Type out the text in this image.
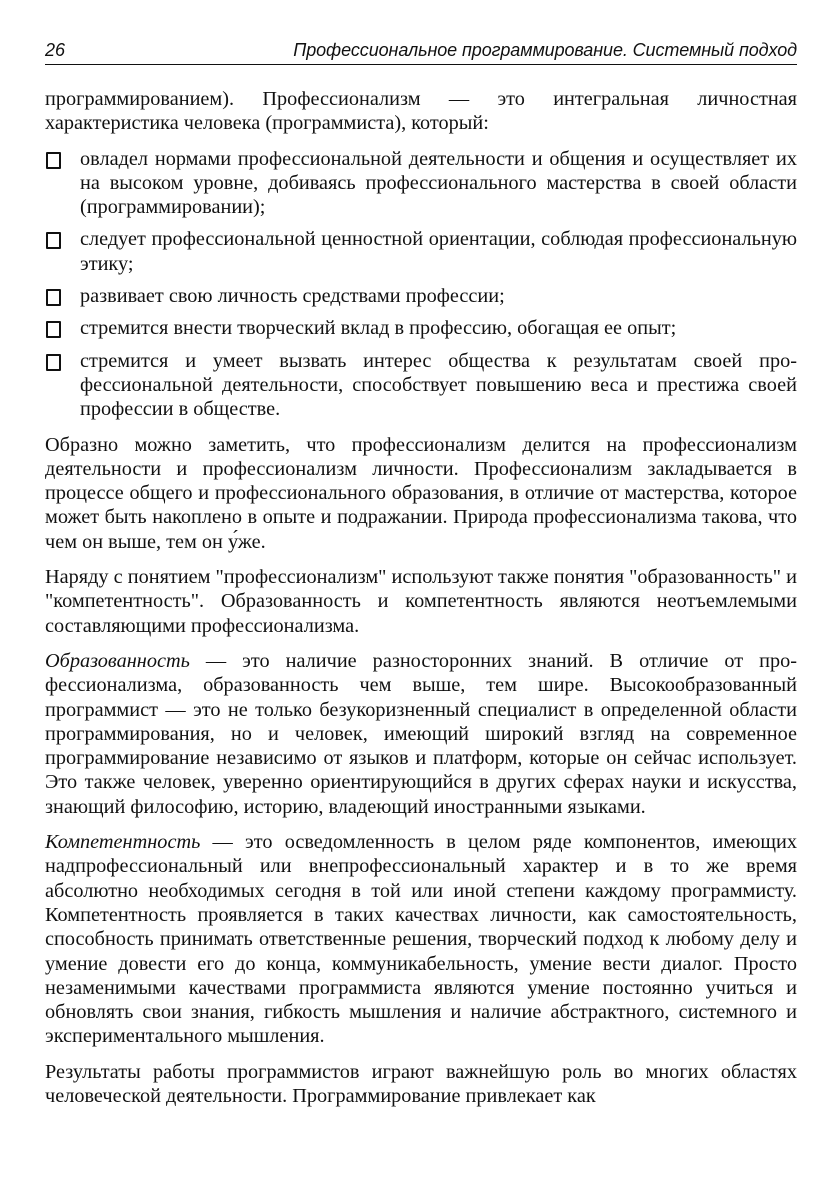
26	Профессиональное программирование. Системный подход

программированием). Профессионализм — это интегральная личностная характеристика человека (программиста), который:

овладел нормами профессиональной деятельности и общения и осуществляет их на высоком уровне, добиваясь профессионального мастерства в своей области (программировании);
следует профессиональной ценностной ориентации, соблюдая профессиональную этику;
развивает свою личность средствами профессии;
стремится внести творческий вклад в профессию, обогащая ее опыт;
стремится и умеет вызвать интерес общества к результатам своей профессиональной деятельности, способствует повышению веса и престижа своей профессии в обществе.

Образно можно заметить, что профессионализм делится на профессионализм деятельности и профессионализм личности. Профессионализм закладывается в процессе общего и профессионального образования, в отличие от мастерства, которое может быть накоплено в опыте и подражании. Природа профессионализма такова, что чем он выше, тем он у́же.

Наряду с понятием "профессионализм" используют также понятия "образованность" и "компетентность". Образованность и компетентность являются неотъемлемыми составляющими профессионализма.

Образованность — это наличие разносторонних знаний. В отличие от профессионализма, образованность чем выше, тем шире. Высокообразованный программист — это не только безукоризненный специалист в определенной области программирования, но и человек, имеющий широкий взгляд на современное программирование независимо от языков и платформ, которые он сейчас использует. Это также человек, уверенно ориентирующийся в других сферах науки и искусства, знающий философию, историю, владеющий иностранными языками.

Компетентность — это осведомленность в целом ряде компонентов, имеющих надпрофессиональный или внепрофессиональный характер и в то же время абсолютно необходимых сегодня в той или иной степени каждому программисту. Компетентность проявляется в таких качествах личности, как самостоятельность, способность принимать ответственные решения, творческий подход к любому делу и умение довести его до конца, коммуникабельность, умение вести диалог. Просто незаменимыми качествами программиста являются умение постоянно учиться и обновлять свои знания, гибкость мышления и наличие абстрактного, системного и экспериментального мышления.

Результаты работы программистов играют важнейшую роль во многих областях человеческой деятельности. Программирование привлекает как
